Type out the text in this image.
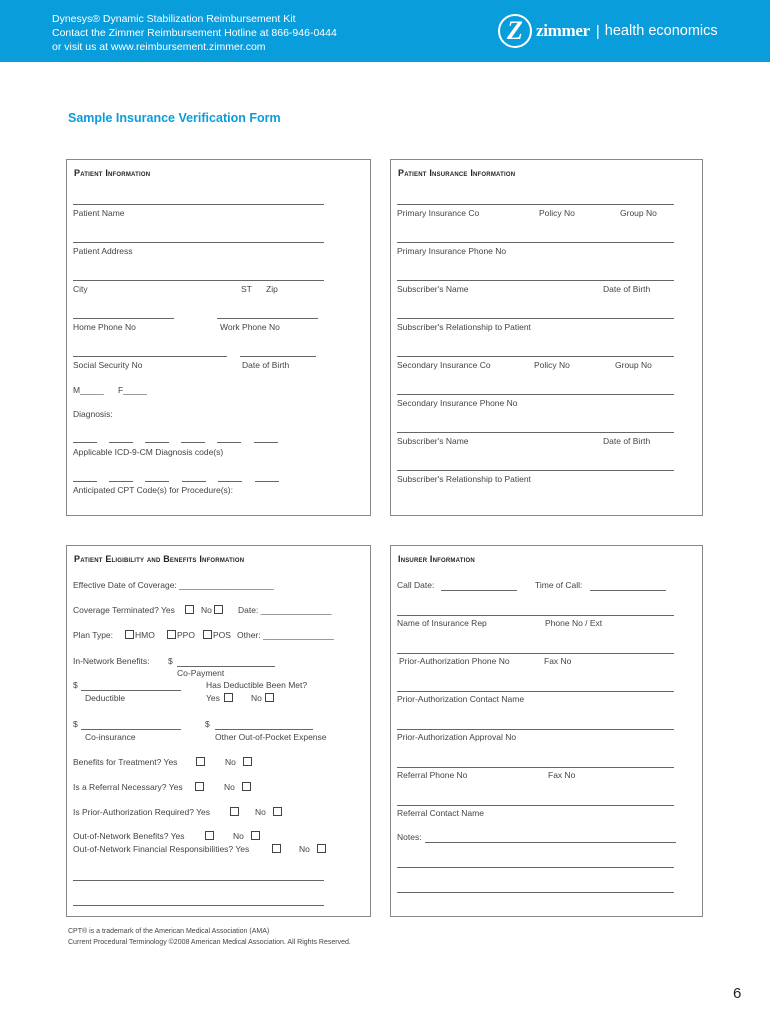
Dynesys® Dynamic Stabilization Reimbursement Kit
Contact the Zimmer Reimbursement Hotline at 866-946-0444
or visit us at www.reimbursement.zimmer.com
Z zimmer | health economics
Sample Insurance Verification Form
Patient Information
Patient Name
Patient Address
City	ST Zip
Home Phone No	Work Phone No
Social Security No	Date of Birth
M_____ F_____
Diagnosis:
Applicable ICD-9-CM Diagnosis code(s)
Anticipated CPT Code(s) for Procedure(s):
Patient Insurance Information
Primary Insurance Co	Policy No	Group No
Primary Insurance Phone No
Subscriber's Name	Date of Birth
Subscriber's Relationship to Patient
Secondary Insurance Co	Policy No	Group No
Secondary Insurance Phone No
Subscriber's Name	Date of Birth
Subscriber's Relationship to Patient
Patient Eligibility and Benefits Information
Effective Date of Coverage: ____________________
Coverage Terminated? Yes	No	Date: _______________
Plan Type:	HMO	PPO POS Other: _______________
In-Network Benefits: $
Co-Payment
$
Deductible
Has Deductible Been Met?
Yes	No
$
Co-insurance
$
Other Out-of-Pocket Expense
Benefits for Treatment? Yes	No
Is a Referral Necessary? Yes	No
Is Prior-Authorization Required? Yes	No
Out-of-Network Benefits? Yes	No
Out-of-Network Financial Responsibilities? Yes	No
Insurer Information
Call Date:	Time of Call:
Name of Insurance Rep	Phone No / Ext
Prior-Authorization Phone No	Fax No
Prior-Authorization Contact Name
Prior-Authorization Approval No
Referral Phone No	Fax No
Referral Contact Name
Notes:
CPT® is a trademark of the American Medical Association (AMA)
Current Procedural Terminology ©2008 American Medical Association. All Rights Reserved.
6
